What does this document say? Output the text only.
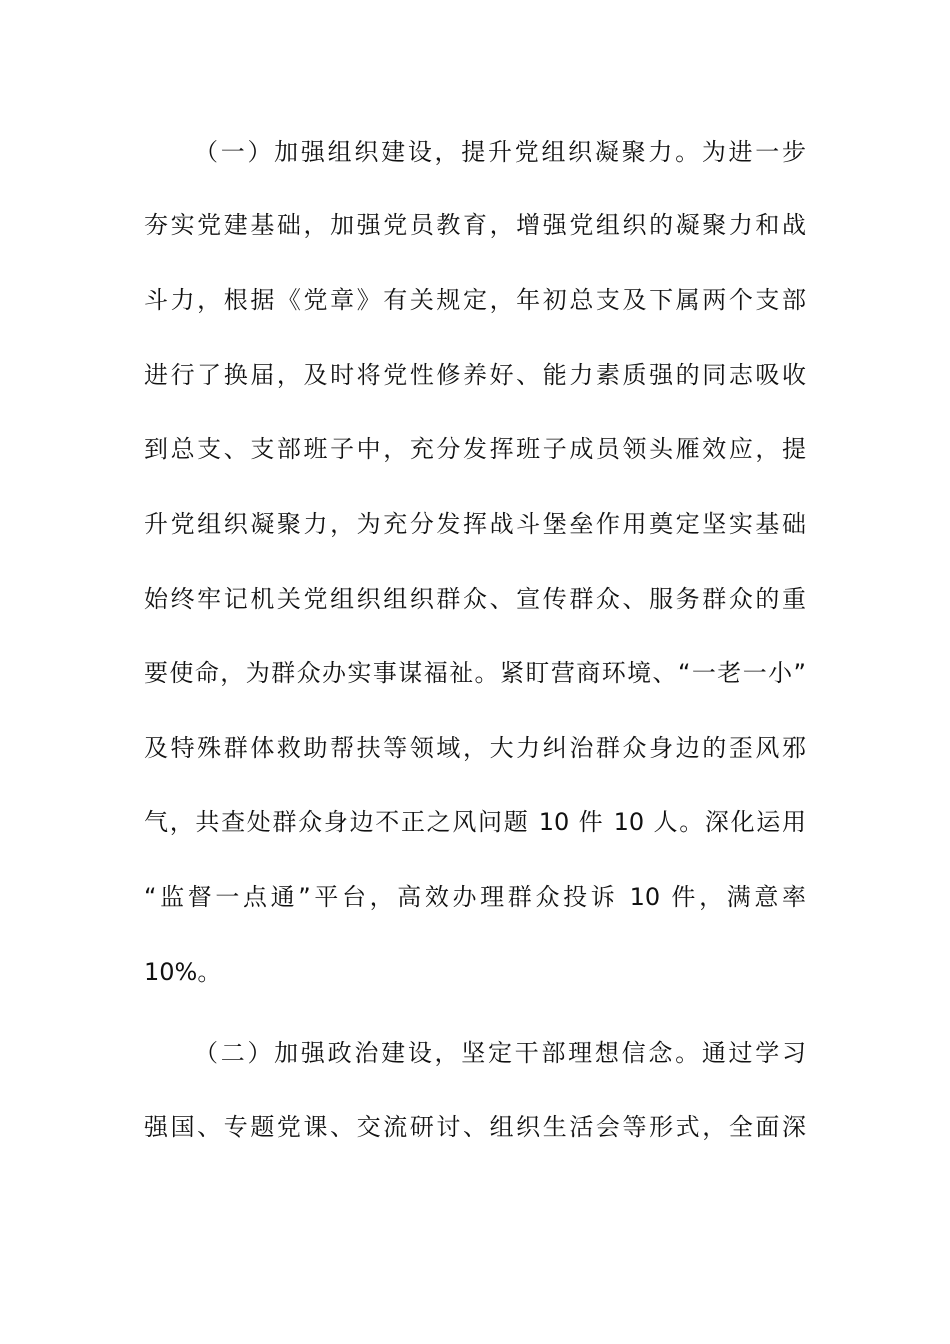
（一）加强组织建设，提升党组织凝聚力。为进一步
夯实党建基础，加强党员教育，增强党组织的凝聚力和战
斗力，根据《党章》有关规定，年初总支及下属两个支部
进行了换届，及时将党性修养好、能力素质强的同志吸收
到总支、支部班子中，充分发挥班子成员领头雁效应，提
升党组织凝聚力，为充分发挥战斗堡垒作用奠定坚实基础
始终牢记机关党组织组织群众、宣传群众、服务群众的重
要使命，为群众办实事谋福祉。紧盯营商环境、“一老一小”
及特殊群体救助帮扶等领域，大力纠治群众身边的歪风邪
气，共查处群众身边不正之风问题 10 件 10 人。深化运用
“监督一点通”平台，高效办理群众投诉 10 件，满意率
10%。
（二）加强政治建设，坚定干部理想信念。通过学习
强国、专题党课、交流研讨、组织生活会等形式，全面深
